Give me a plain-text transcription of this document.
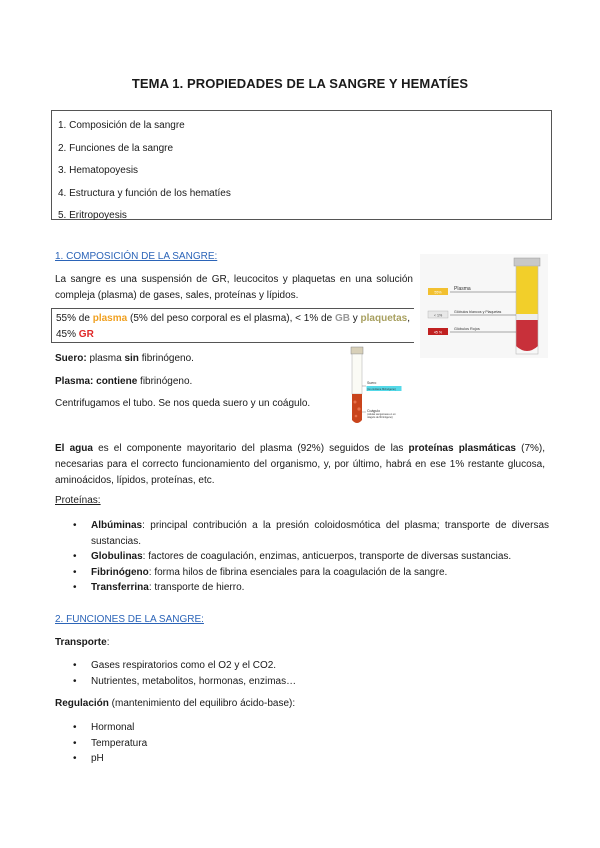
TEMA 1. PROPIEDADES DE LA SANGRE Y HEMATÍES
1. Composición de la sangre
2. Funciones de la sangre
3. Hematopoyesis
4. Estructura y función de los hematíes
5. Eritropoyesis
1. COMPOSICIÓN DE LA SANGRE:
La sangre es una suspensión de GR, leucocitos y plaquetas en una solución compleja (plasma) de gases, sales, proteínas y lípidos.
55% de plasma (5% del peso corporal es el plasma), < 1% de GB y plaquetas, 45% GR
55%
< 1%
45 %
Plasma
Glóbulos blancos y Plaquetas
Glóbulos Rojos
Suero: plasma sin fibrinógeno.
Plasma: contiene fibrinógeno.
Centrifugamos el tubo. Se nos queda suero y un coágulo.
Suero
(no contiene fibrinógeno)
Coágulo
(células sanguíneas en un coágulo de fibrinógeno)
El agua es el componente mayoritario del plasma (92%) seguidos de las proteínas plasmáticas (7%), necesarias para el correcto funcionamiento del organismo, y, por último, habrá en ese 1% restante glucosa, aminoácidos, lípidos, proteínas, etc.
Proteínas:
• Albúminas: principal contribución a la presión coloidosmótica del plasma; transporte de diversas sustancias.
• Globulinas: factores de coagulación, enzimas, anticuerpos, transporte de diversas sustancias.
• Fibrinógeno: forma hilos de fibrina esenciales para la coagulación de la sangre.
• Transferrina: transporte de hierro.
2. FUNCIONES DE LA SANGRE:
Transporte:
• Gases respiratorios como el O2 y el CO2.
• Nutrientes, metabolitos, hormonas, enzimas…
Regulación (mantenimiento del equilibro ácido-base):
• Hormonal
• Temperatura
• pH
